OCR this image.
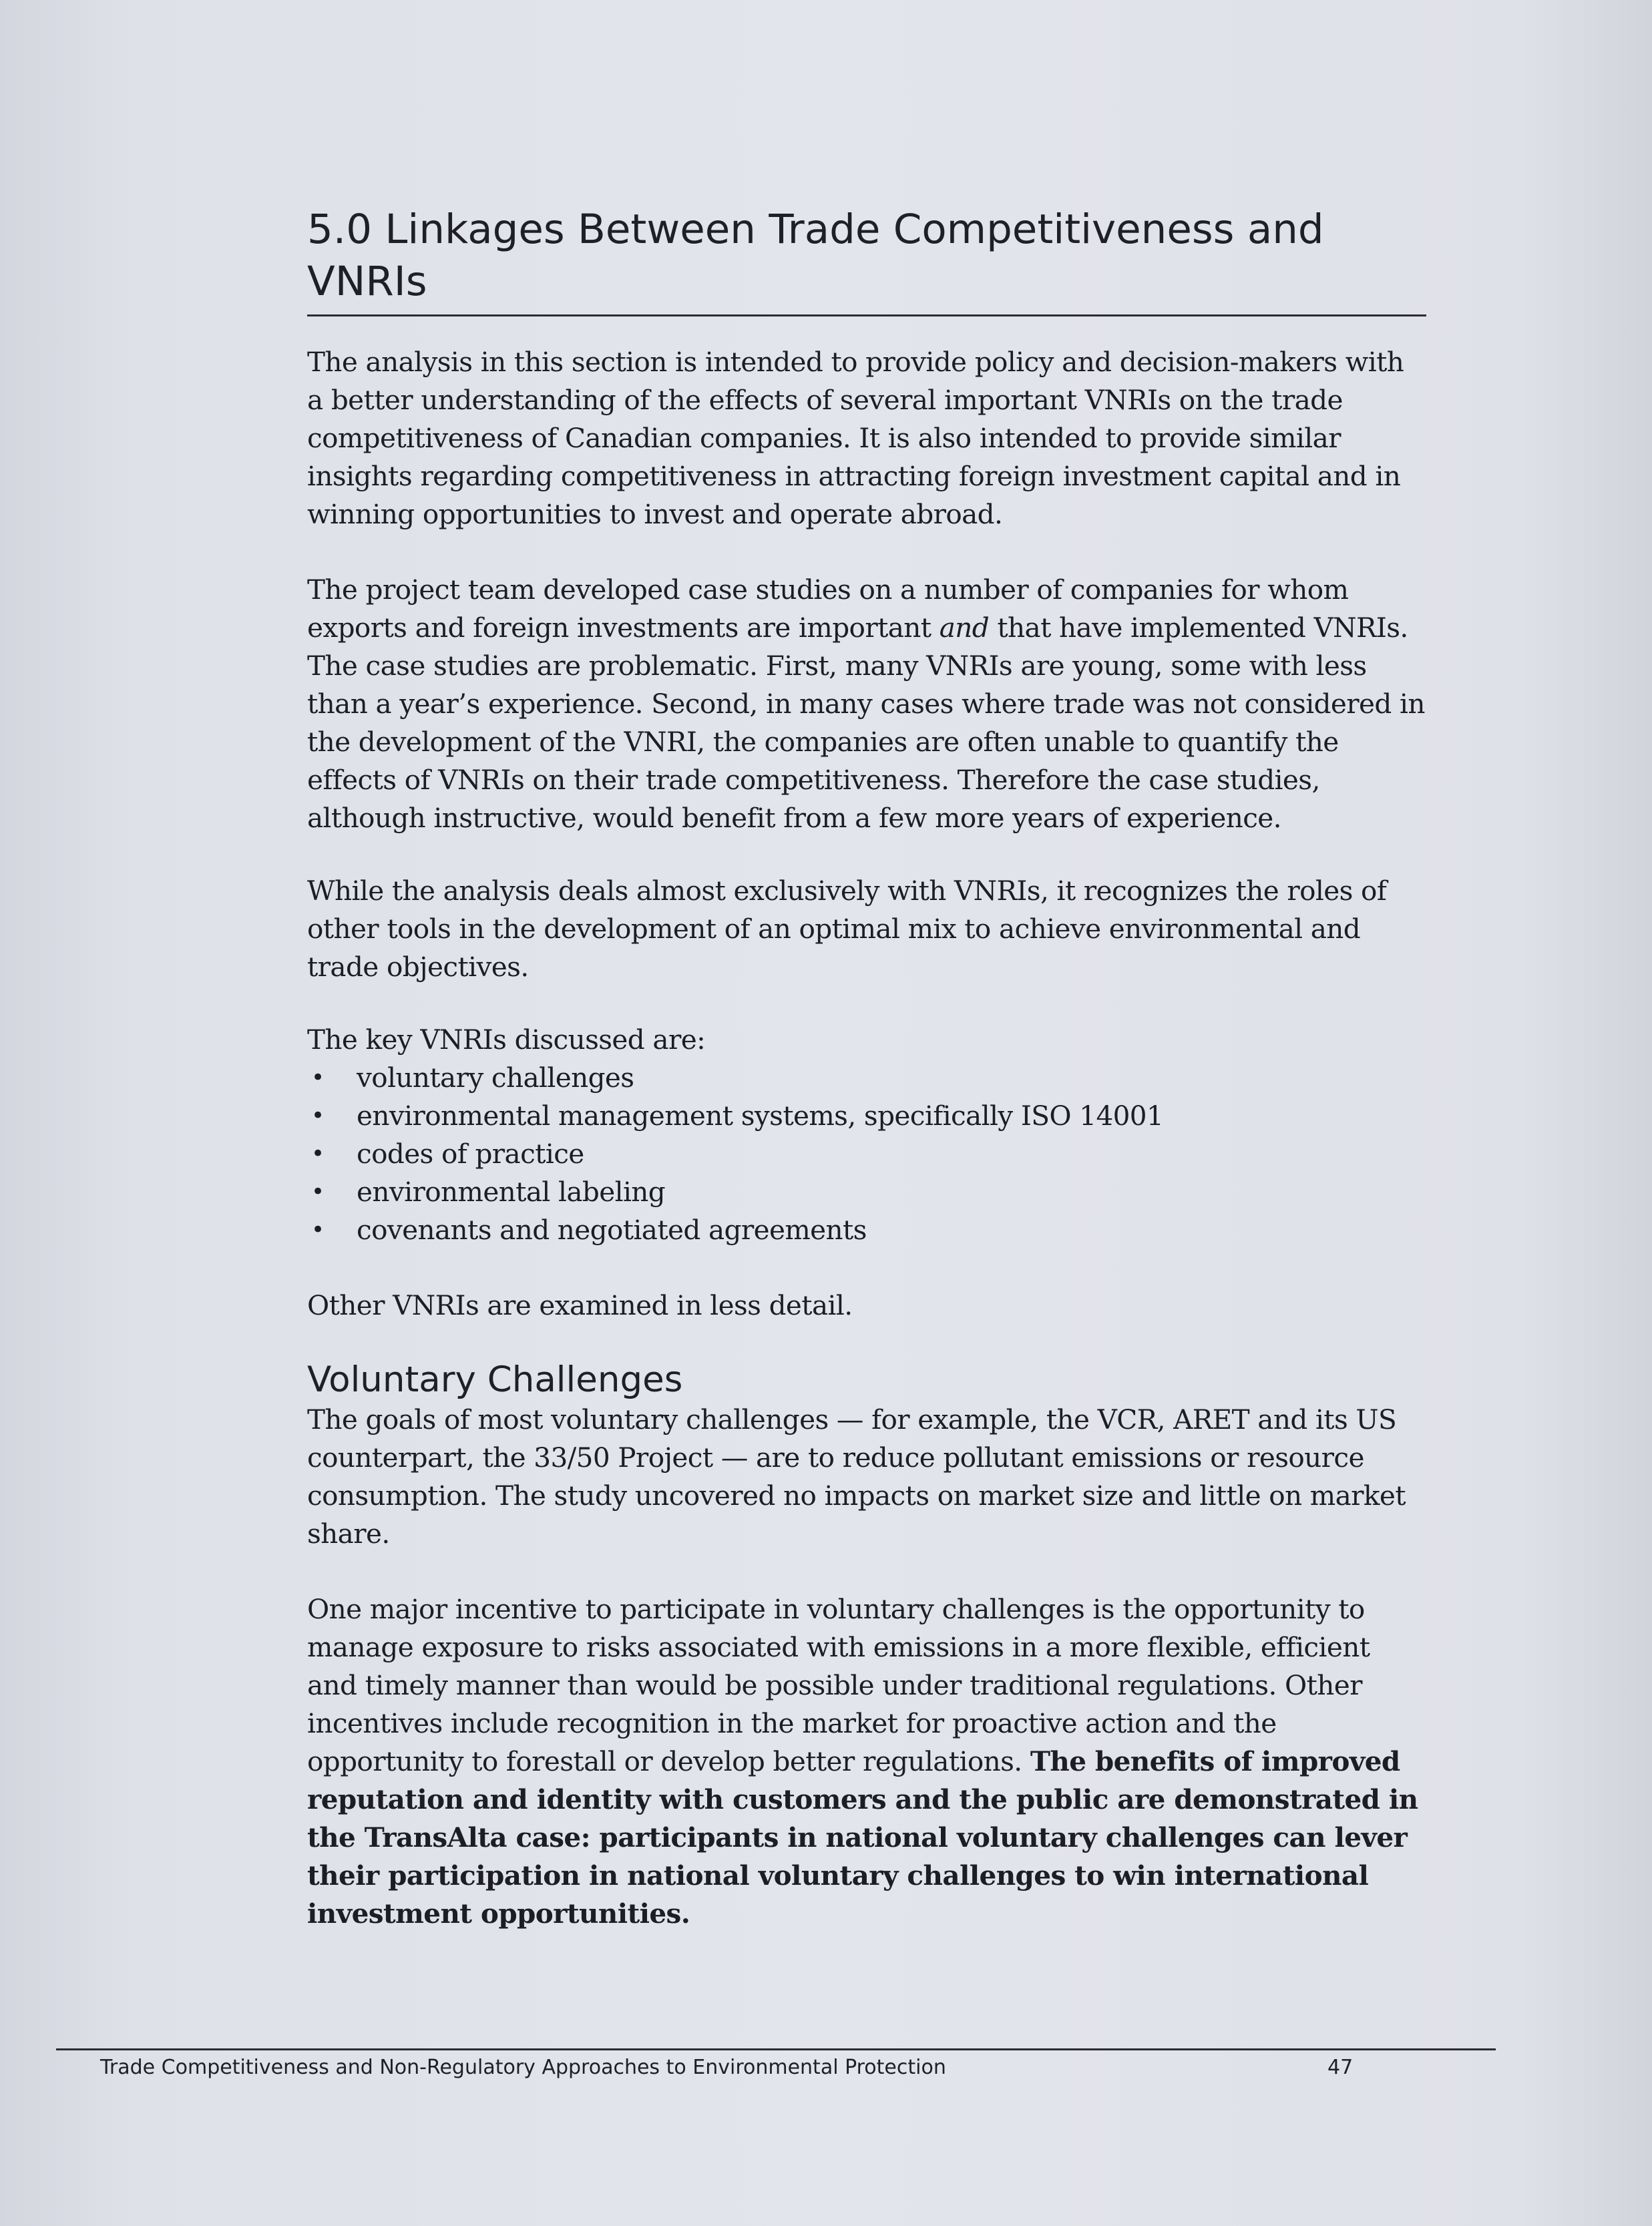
5.0 Linkages Between Trade Competitiveness and VNRIs

The analysis in this section is intended to provide policy and decision-makers with a better understanding of the effects of several important VNRIs on the trade competitiveness of Canadian companies. It is also intended to provide similar insights regarding competitiveness in attracting foreign investment capital and in winning opportunities to invest and operate abroad.

The project team developed case studies on a number of companies for whom exports and foreign investments are important and that have implemented VNRIs. The case studies are problematic. First, many VNRIs are young, some with less than a year’s experience. Second, in many cases where trade was not considered in the development of the VNRI, the companies are often unable to quantify the effects of VNRIs on their trade competitiveness. Therefore the case studies, although instructive, would benefit from a few more years of experience.

While the analysis deals almost exclusively with VNRIs, it recognizes the roles of other tools in the development of an optimal mix to achieve environmental and trade objectives.

The key VNRIs discussed are:

• voluntary challenges
• environmental management systems, specifically ISO 14001
• codes of practice
• environmental labeling
• covenants and negotiated agreements

Other VNRIs are examined in less detail.

Voluntary Challenges

The goals of most voluntary challenges — for example, the VCR, ARET and its US counterpart, the 33/50 Project — are to reduce pollutant emissions or resource consumption. The study uncovered no impacts on market size and little on market share.

One major incentive to participate in voluntary challenges is the opportunity to manage exposure to risks associated with emissions in a more flexible, efficient and timely manner than would be possible under traditional regulations. Other incentives include recognition in the market for proactive action and the opportunity to forestall or develop better regulations. The benefits of improved reputation and identity with customers and the public are demonstrated in the TransAlta case: participants in national voluntary challenges can lever their participation in national voluntary challenges to win international investment opportunities.

Trade Competitiveness and Non-Regulatory Approaches to Environmental Protection	47
